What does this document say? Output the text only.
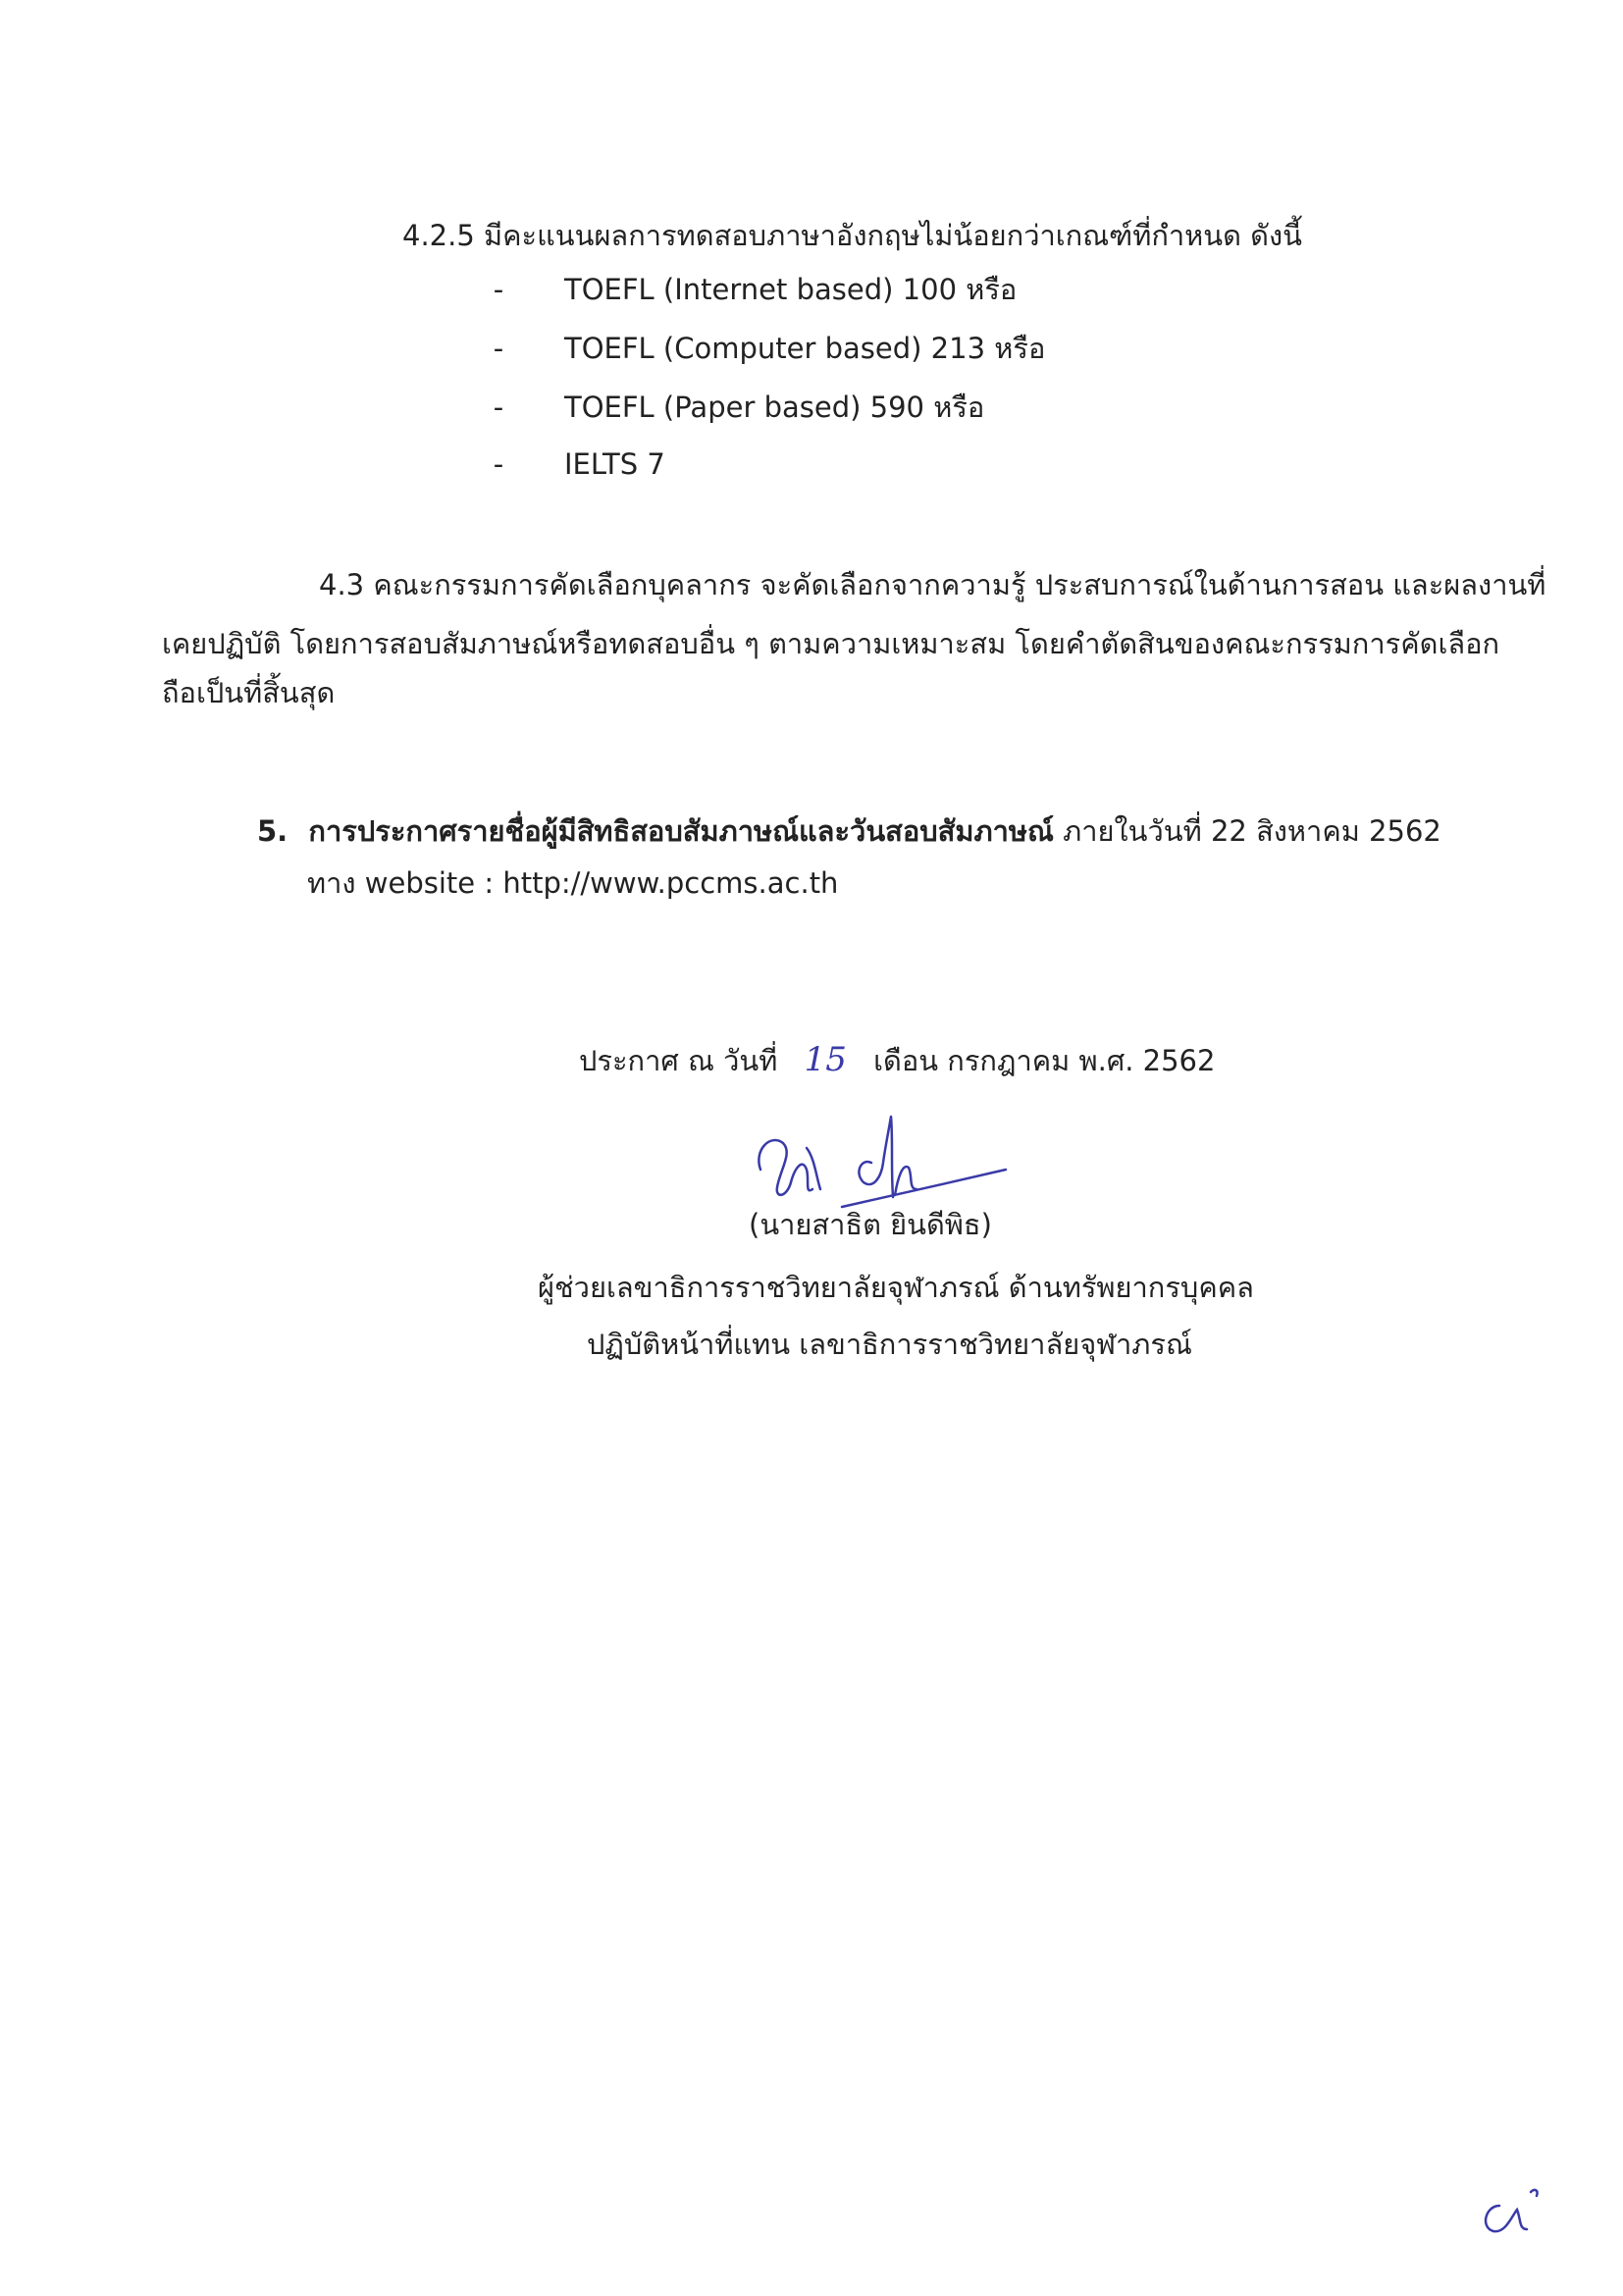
4.2.5 มีคะแนนผลการทดสอบภาษาอังกฤษไม่น้อยกว่าเกณฑ์ที่กำหนด ดังนี้
-	TOEFL (Internet based) 100 หรือ
-	TOEFL (Computer based) 213 หรือ
-	TOEFL (Paper based) 590 หรือ
-	IELTS 7
4.3 คณะกรรมการคัดเลือกบุคลากร จะคัดเลือกจากความรู้ ประสบการณ์ในด้านการสอน และผลงานที่
เคยปฏิบัติ โดยการสอบสัมภาษณ์หรือทดสอบอื่น ๆ ตามความเหมาะสม โดยคำตัดสินของคณะกรรมการคัดเลือก
ถือเป็นที่สิ้นสุด
5. การประกาศรายชื่อผู้มีสิทธิสอบสัมภาษณ์และวันสอบสัมภาษณ์ ภายในวันที่ 22 สิงหาคม 2562
ทาง website : http://www.pccms.ac.th
ประกาศ ณ วันที่ 15 เดือน กรกฎาคม พ.ศ. 2562
(นายสาธิต ยินดีพิธ)
ผู้ช่วยเลขาธิการราชวิทยาลัยจุฬาภรณ์ ด้านทรัพยากรบุคคล
ปฏิบัติหน้าที่แทน เลขาธิการราชวิทยาลัยจุฬาภรณ์
